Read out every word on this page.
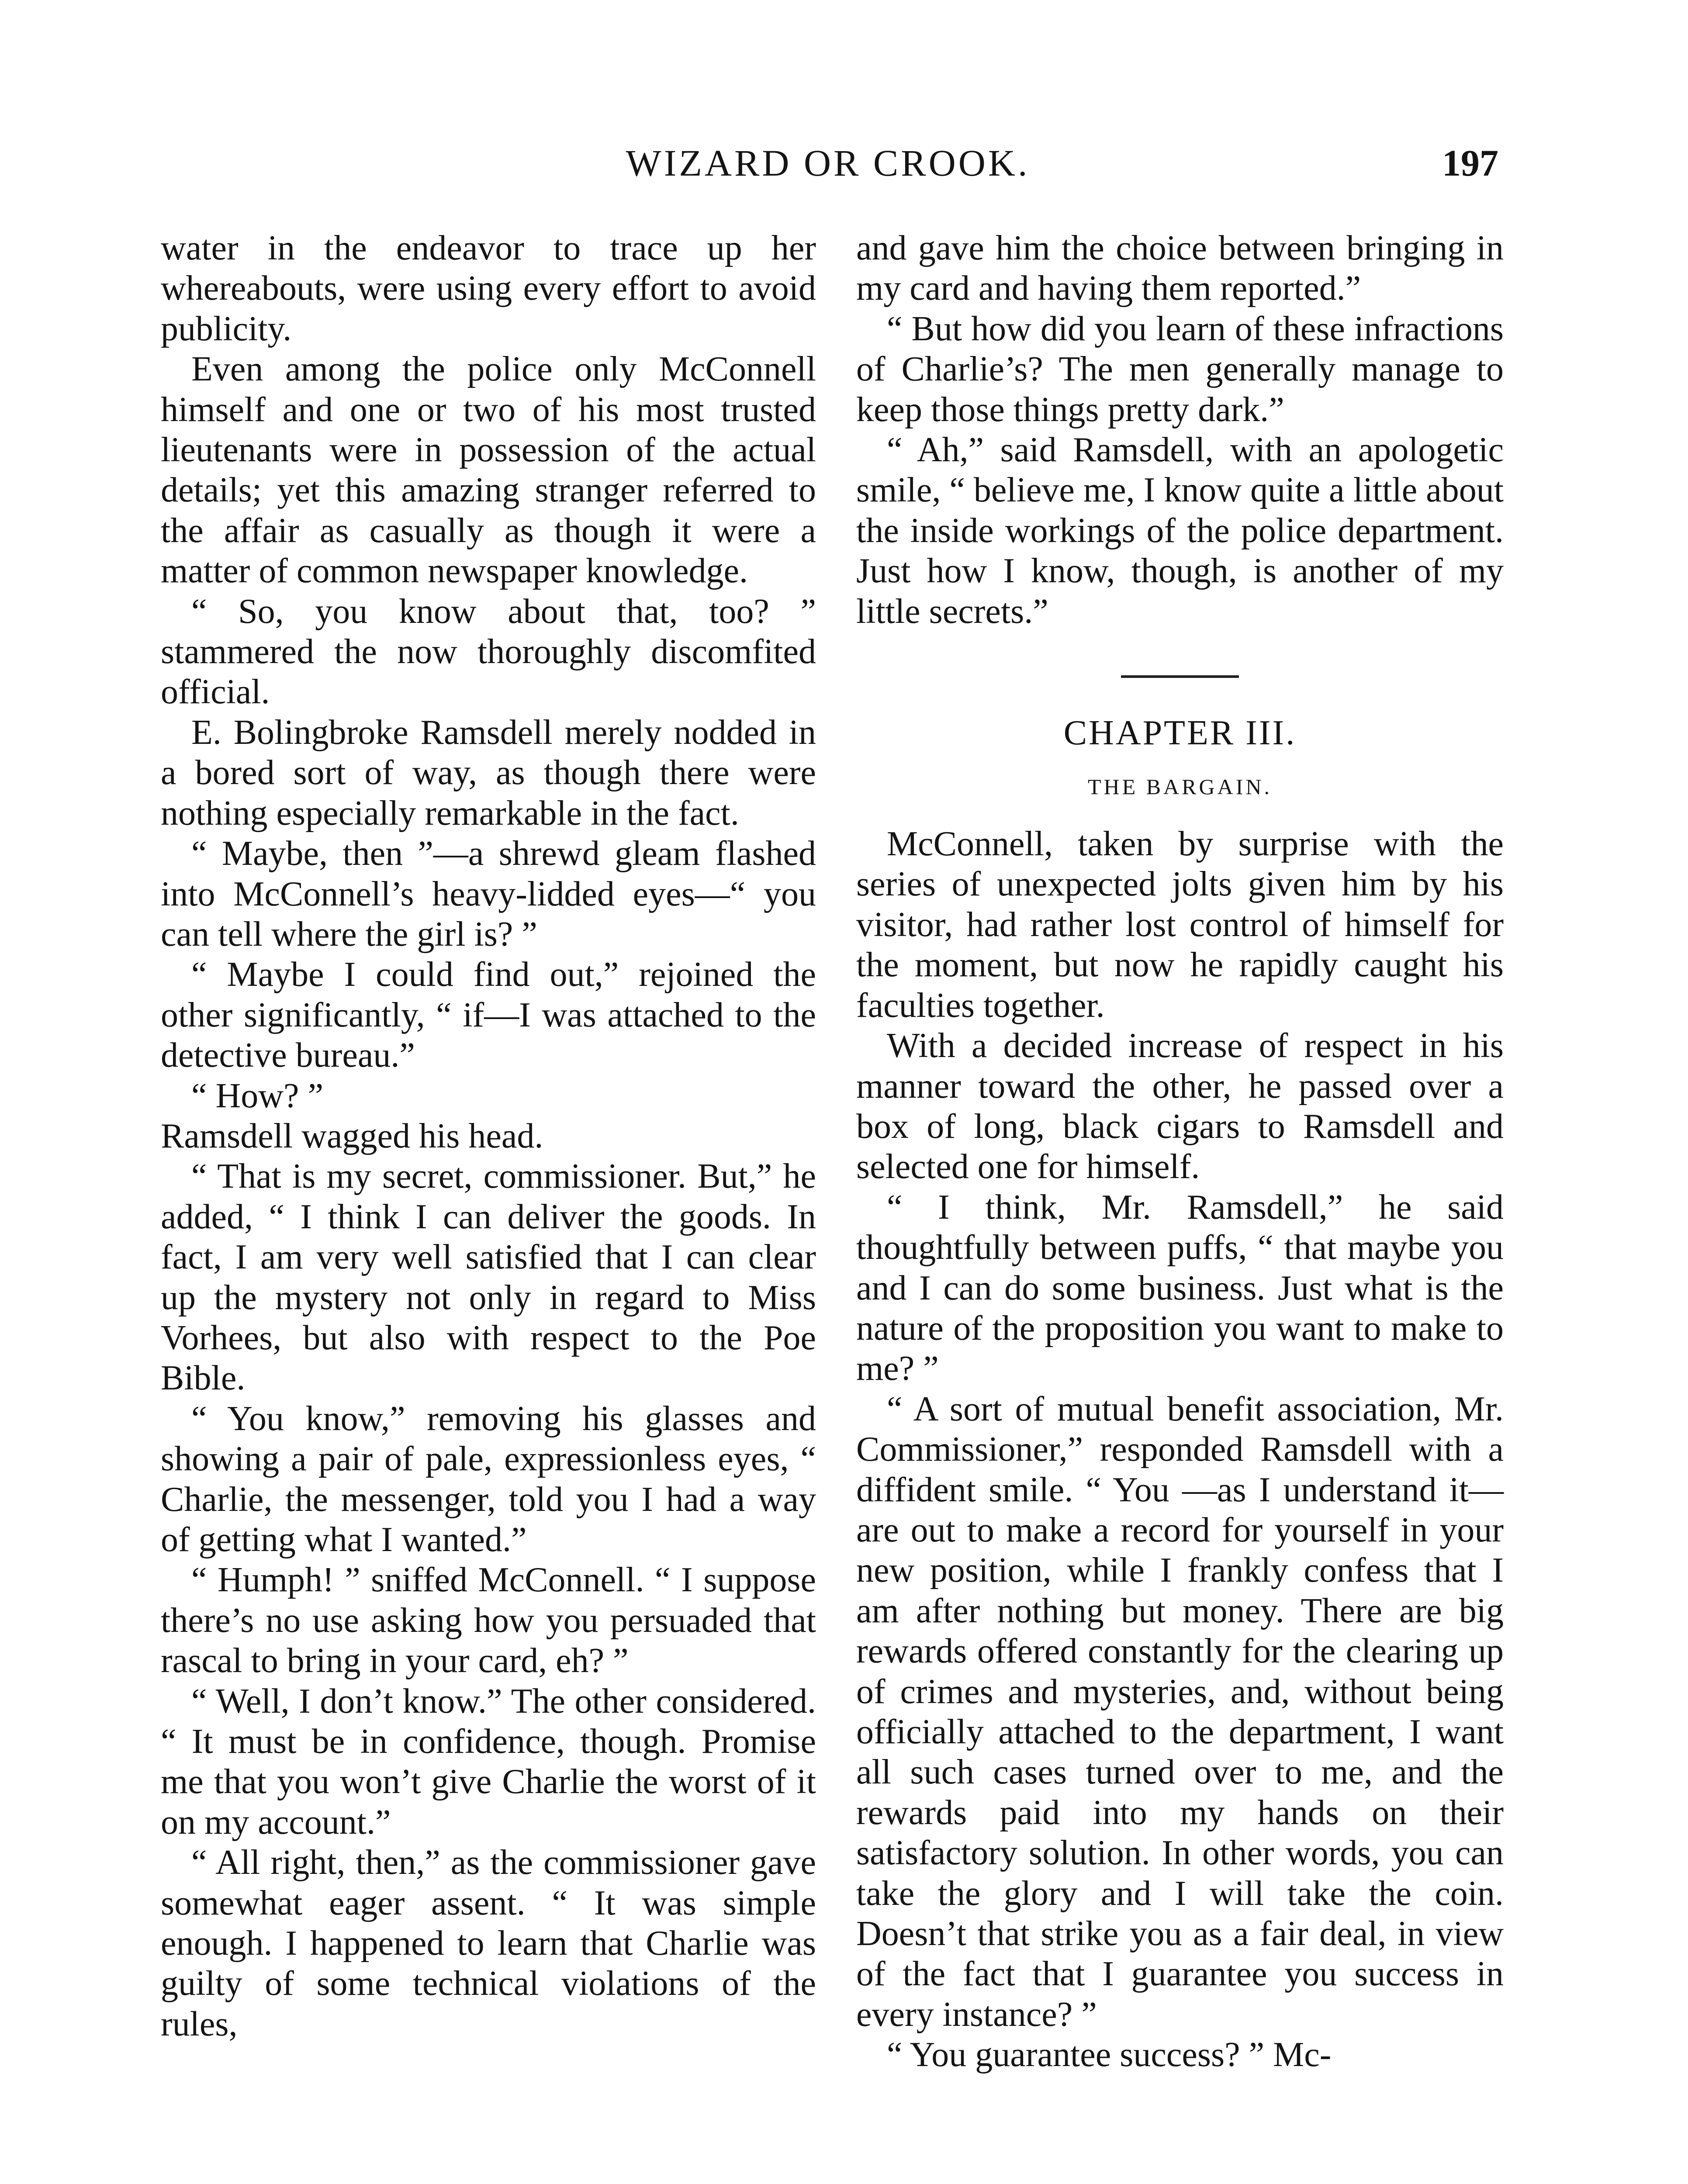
WIZARD OR CROOK.	197

water in the endeavor to trace up her whereabouts, were using every effort to avoid publicity.

Even among the police only McConnell himself and one or two of his most trusted lieutenants were in possession of the actual details; yet this amazing stranger referred to the affair as casually as though it were a matter of common newspaper knowledge.

“ So, you know about that, too? ” stammered the now thoroughly discomfited official.

E. Bolingbroke Ramsdell merely nodded in a bored sort of way, as though there were nothing especially remarkable in the fact.

“ Maybe, then ”—a shrewd gleam flashed into McConnell’s heavy-lidded eyes—“ you can tell where the girl is? ”

“ Maybe I could find out,” rejoined the other significantly, “ if—I was attached to the detective bureau.”

“ How? ”

Ramsdell wagged his head.

“ That is my secret, commissioner. But,” he added, “ I think I can deliver the goods. In fact, I am very well satisfied that I can clear up the mystery not only in regard to Miss Vorhees, but also with respect to the Poe Bible.

“ You know,” removing his glasses and showing a pair of pale, expressionless eyes, “ Charlie, the messenger, told you I had a way of getting what I wanted.”

“ Humph! ” sniffed McConnell. “ I suppose there’s no use asking how you persuaded that rascal to bring in your card, eh? ”

“ Well, I don’t know.” The other considered. “ It must be in confidence, though. Promise me that you won’t give Charlie the worst of it on my account.”

“ All right, then,” as the commissioner gave somewhat eager assent. “ It was simple enough. I happened to learn that Charlie was guilty of some technical violations of the rules,

and gave him the choice between bringing in my card and having them reported.”

“ But how did you learn of these infractions of Charlie’s? The men generally manage to keep those things pretty dark.”

“ Ah,” said Ramsdell, with an apologetic smile, “ believe me, I know quite a little about the inside workings of the police department. Just how I know, though, is another of my little secrets.”

CHAPTER III.

THE BARGAIN.

McConnell, taken by surprise with the series of unexpected jolts given him by his visitor, had rather lost control of himself for the moment, but now he rapidly caught his faculties together.

With a decided increase of respect in his manner toward the other, he passed over a box of long, black cigars to Ramsdell and selected one for himself.

“ I think, Mr. Ramsdell,” he said thoughtfully between puffs, “ that maybe you and I can do some business. Just what is the nature of the proposition you want to make to me? ”

“ A sort of mutual benefit association, Mr. Commissioner,” responded Ramsdell with a diffident smile. “ You —as I understand it—are out to make a record for yourself in your new position, while I frankly confess that I am after nothing but money. There are big rewards offered constantly for the clearing up of crimes and mysteries, and, without being officially attached to the department, I want all such cases turned over to me, and the rewards paid into my hands on their satisfactory solution. In other words, you can take the glory and I will take the coin. Doesn’t that strike you as a fair deal, in view of the fact that I guarantee you success in every instance? ”

“ You guarantee success? ” Mc-
